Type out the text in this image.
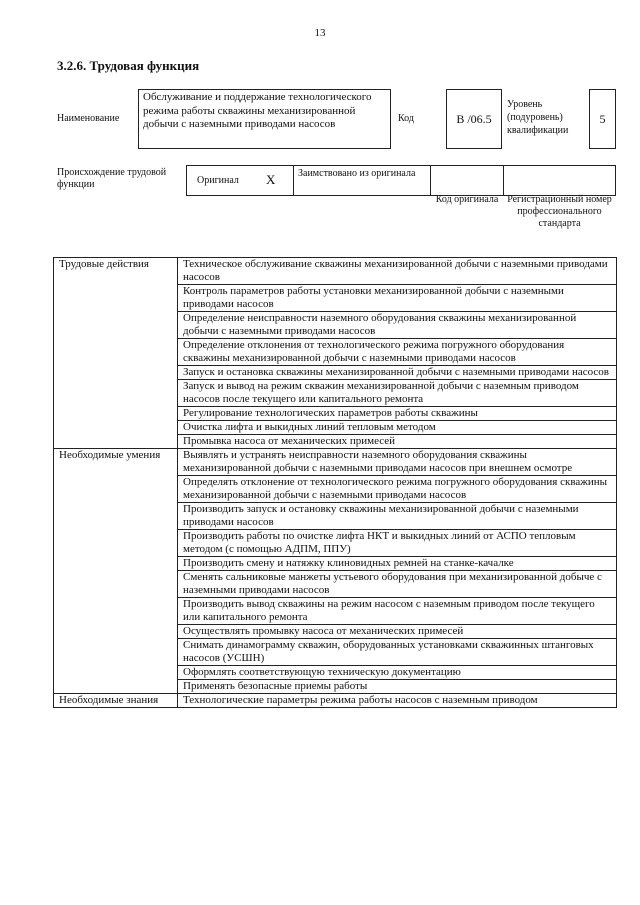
13
3.2.6. Трудовая функция
Наименование
Обслуживание и поддержание технологического режима работы скважины механизированной добычи с наземными приводами насосов	Код	В /06.5
Уровень (подуровень) квалификации
5
Происхождение трудовой функции	Оригинал X Заимствовано из оригинала
Код оригинала Регистрационный номер профессионального стандарта

Трудовые действия	Техническое обслуживание скважины механизированной добычи с наземными приводами насосов
	Контроль параметров работы установки механизированной добычи с наземными приводами насосов
	Определение неисправности наземного оборудования скважины механизированной добычи с наземными приводами насосов
	Определение отклонения от технологического режима погружного оборудования скважины механизированной добычи с наземными приводами насосов
	Запуск и остановка скважины механизированной добычи с наземными приводами насосов
	Запуск и вывод на режим скважин механизированной добычи с наземным приводом насосов после текущего или капитального ремонта
	Регулирование технологических параметров работы скважины
	Очистка лифта и выкидных линий тепловым методом
	Промывка насоса от механических примесей
Необходимые умения	Выявлять и устранять неисправности наземного оборудования скважины механизированной добычи с наземными приводами насосов при внешнем осмотре
	Определять отклонение от технологического режима погружного оборудования скважины механизированной добычи с наземными приводами насосов
	Производить запуск и остановку скважины механизированной добычи с наземными приводами насосов
	Производить работы по очистке лифта НКТ и выкидных линий от АСПО тепловым методом (с помощью АДПМ, ППУ)
	Производить смену и натяжку клиновидных ремней на станке-качалке
	Сменять сальниковые манжеты устьевого оборудования при механизированной добыче с наземными приводами насосов
	Производить вывод скважины на режим насосом с наземным приводом после текущего или капитального ремонта
	Осуществлять промывку насоса от механических примесей
	Снимать динамограмму скважин, оборудованных установками скважинных штанговых насосов (УСШН)
	Оформлять соответствующую техническую документацию
	Применять безопасные приемы работы
Необходимые знания	Технологические параметры режима работы насосов с наземным приводом
